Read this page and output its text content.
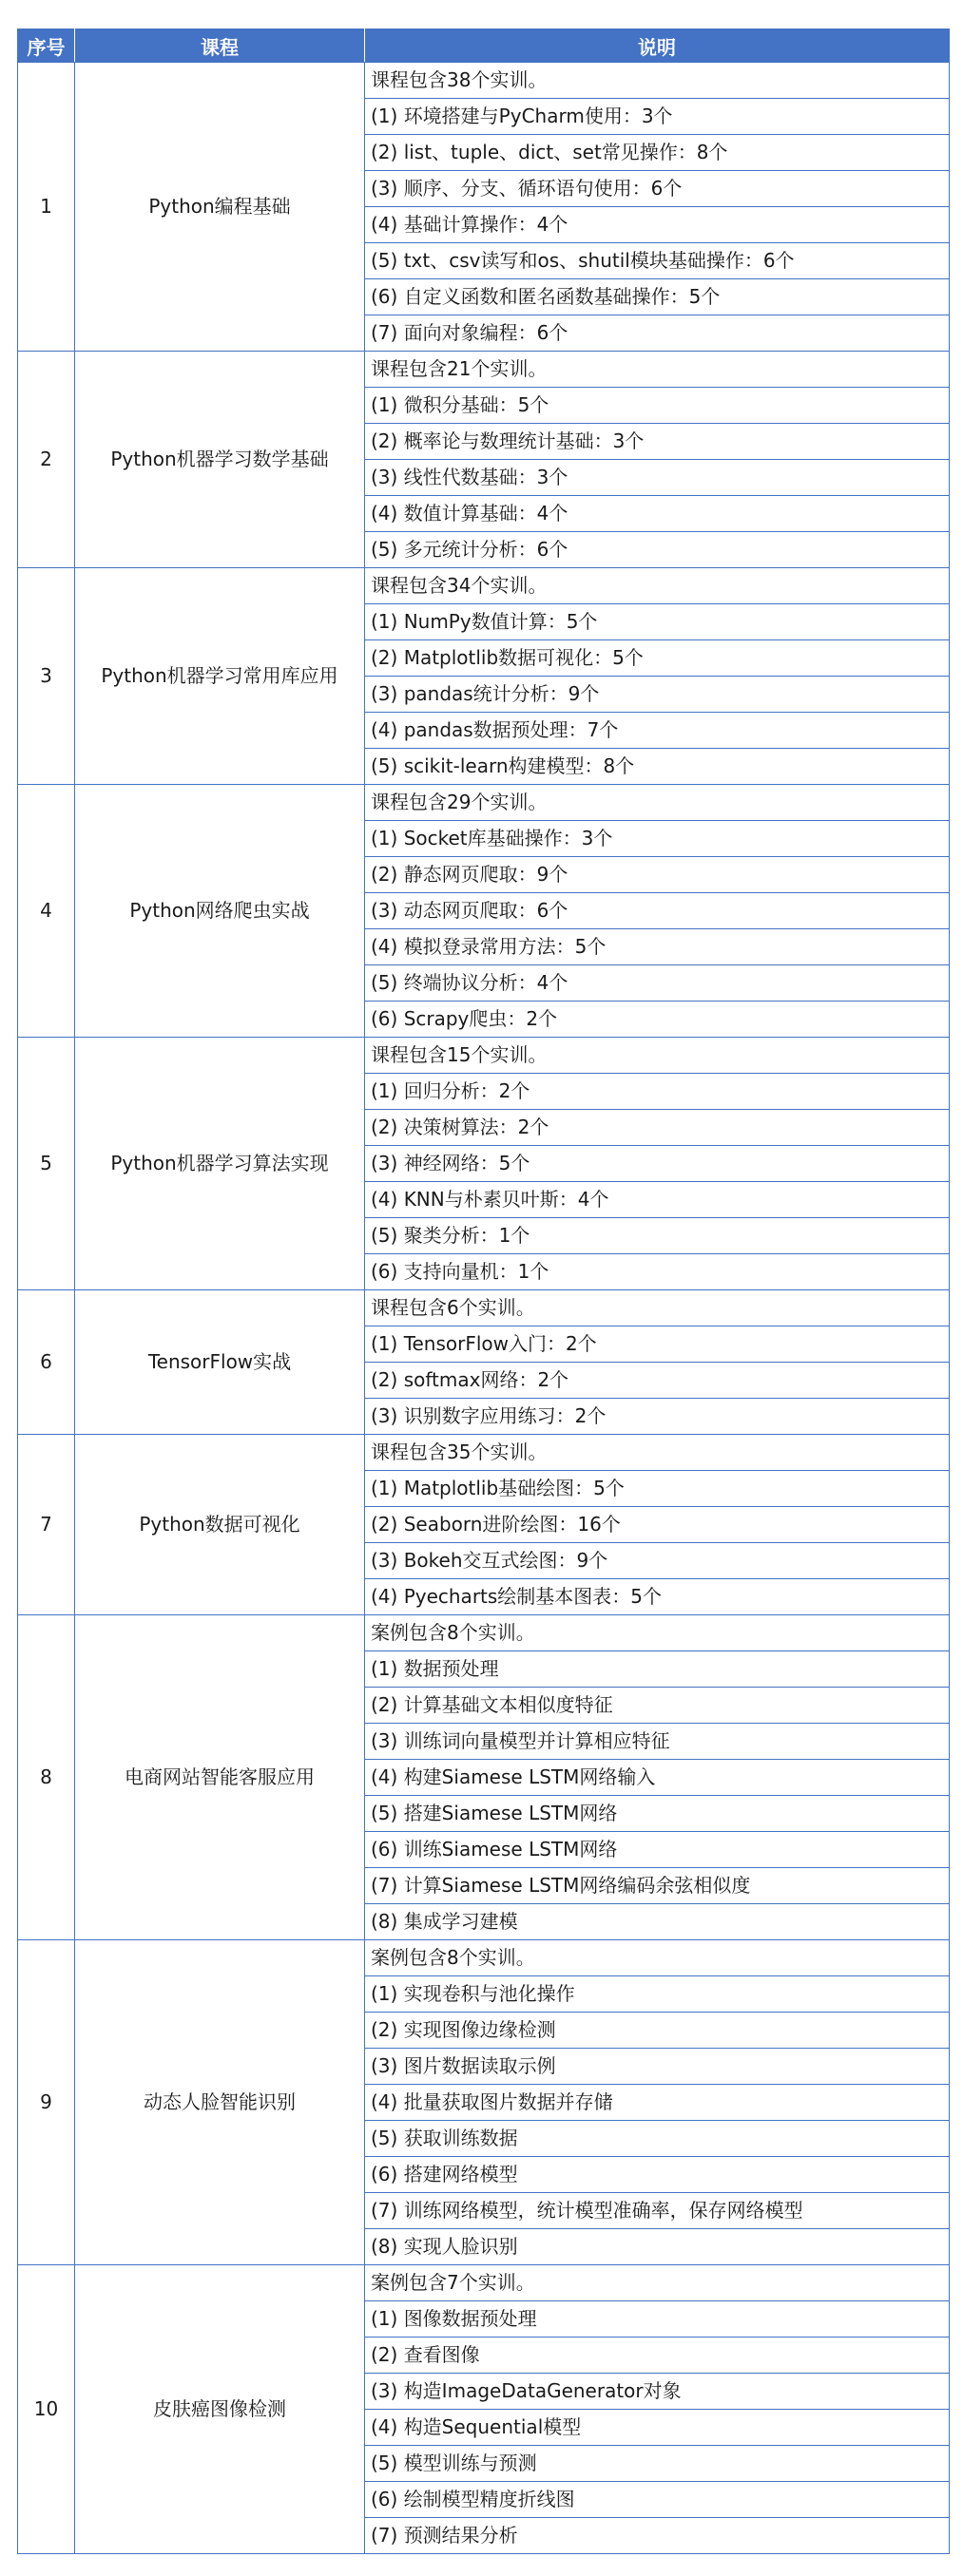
序号	课程	说明
1	Python编程基础	课程包含38个实训。
		(1) 环境搭建与PyCharm使用：3个
		(2) list、tuple、dict、set常见操作：8个
		(3) 顺序、分支、循环语句使用：6个
		(4) 基础计算操作：4个
		(5) txt、csv读写和os、shutil模块基础操作：6个
		(6) 自定义函数和匿名函数基础操作：5个
		(7) 面向对象编程：6个
2	Python机器学习数学基础	课程包含21个实训。
		(1) 微积分基础：5个
		(2) 概率论与数理统计基础：3个
		(3) 线性代数基础：3个
		(4) 数值计算基础：4个
		(5) 多元统计分析：6个
3	Python机器学习常用库应用	课程包含34个实训。
		(1) NumPy数值计算：5个
		(2) Matplotlib数据可视化：5个
		(3) pandas统计分析：9个
		(4) pandas数据预处理：7个
		(5) scikit-learn构建模型：8个
4	Python网络爬虫实战	课程包含29个实训。
		(1) Socket库基础操作：3个
		(2) 静态网页爬取：9个
		(3) 动态网页爬取：6个
		(4) 模拟登录常用方法：5个
		(5) 终端协议分析：4个
		(6) Scrapy爬虫：2个
5	Python机器学习算法实现	课程包含15个实训。
		(1) 回归分析：2个
		(2) 决策树算法：2个
		(3) 神经网络：5个
		(4) KNN与朴素贝叶斯：4个
		(5) 聚类分析：1个
		(6) 支持向量机：1个
6	TensorFlow实战	课程包含6个实训。
		(1) TensorFlow入门：2个
		(2) softmax网络：2个
		(3) 识别数字应用练习：2个
7	Python数据可视化	课程包含35个实训。
		(1) Matplotlib基础绘图：5个
		(2) Seaborn进阶绘图：16个
		(3) Bokeh交互式绘图：9个
		(4) Pyecharts绘制基本图表：5个
8	电商网站智能客服应用	案例包含8个实训。
		(1) 数据预处理
		(2) 计算基础文本相似度特征
		(3) 训练词向量模型并计算相应特征
		(4) 构建Siamese LSTM网络输入
		(5) 搭建Siamese LSTM网络
		(6) 训练Siamese LSTM网络
		(7) 计算Siamese LSTM网络编码余弦相似度
		(8) 集成学习建模
9	动态人脸智能识别	案例包含8个实训。
		(1) 实现卷积与池化操作
		(2) 实现图像边缘检测
		(3) 图片数据读取示例
		(4) 批量获取图片数据并存储
		(5) 获取训练数据
		(6) 搭建网络模型
		(7) 训练网络模型，统计模型准确率，保存网络模型
		(8) 实现人脸识别
10	皮肤癌图像检测	案例包含7个实训。
		(1) 图像数据预处理
		(2) 查看图像
		(3) 构造ImageDataGenerator对象
		(4) 构造Sequential模型
		(5) 模型训练与预测
		(6) 绘制模型精度折线图
		(7) 预测结果分析
